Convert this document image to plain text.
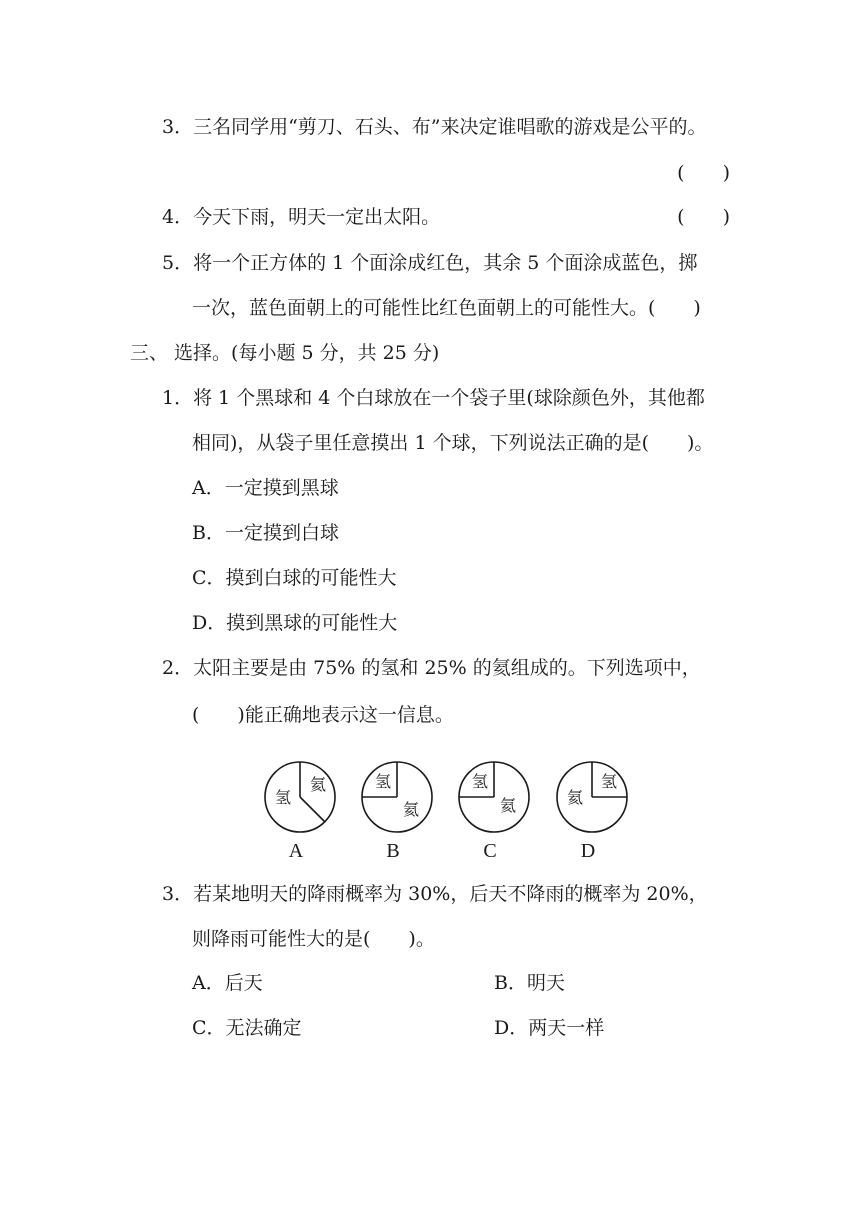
3．三名同学用“剪刀、石头、布”来决定谁唱歌的游戏是公平的。
(　　)
4．今天下雨，明天一定出太阳。	(　　)
5．将一个正方体的 1 个面涂成红色，其余 5 个面涂成蓝色，掷
一次，蓝色面朝上的可能性比红色面朝上的可能性大。(　　)
三、 选择。(每小题 5 分，共 25 分)
1．将 1 个黑球和 4 个白球放在一个袋子里(球除颜色外，其他都
相同)，从袋子里任意摸出 1 个球，下列说法正确的是(　　)。
A．一定摸到黑球
B．一定摸到白球
C．摸到白球的可能性大
D．摸到黑球的可能性大
2．太阳主要是由 75% 的氢和 25% 的氦组成的。下列选项中，
(　　)能正确地表示这一信息。
氢
氦
A
氢
氦
B
氢
氦
C
氦
氢
D
3．若某地明天的降雨概率为 30%，后天不降雨的概率为 20%，
则降雨可能性大的是(　　)。
A．后天	B．明天
C．无法确定	D．两天一样
